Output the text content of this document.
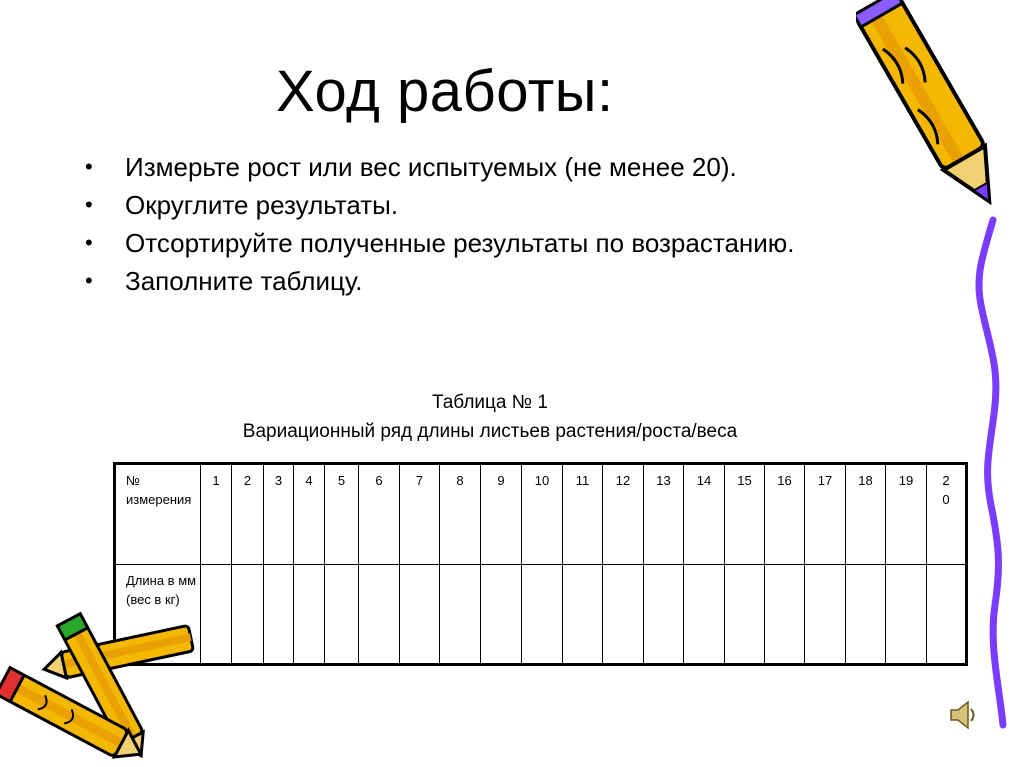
Ход работы:
• Измерьте рост или вес испытуемых (не менее 20).
• Округлите результаты.
• Отсортируйте полученные результаты по возрастанию.
• Заполните таблицу.
Таблица № 1
Вариационный ряд длины листьев растения/роста/веса
№ измерения	1	2	3	4	5	6	7	8	9	10	11	12	13	14	15	16	17	18	19	20

Длина в мм (вес в кг)																				
